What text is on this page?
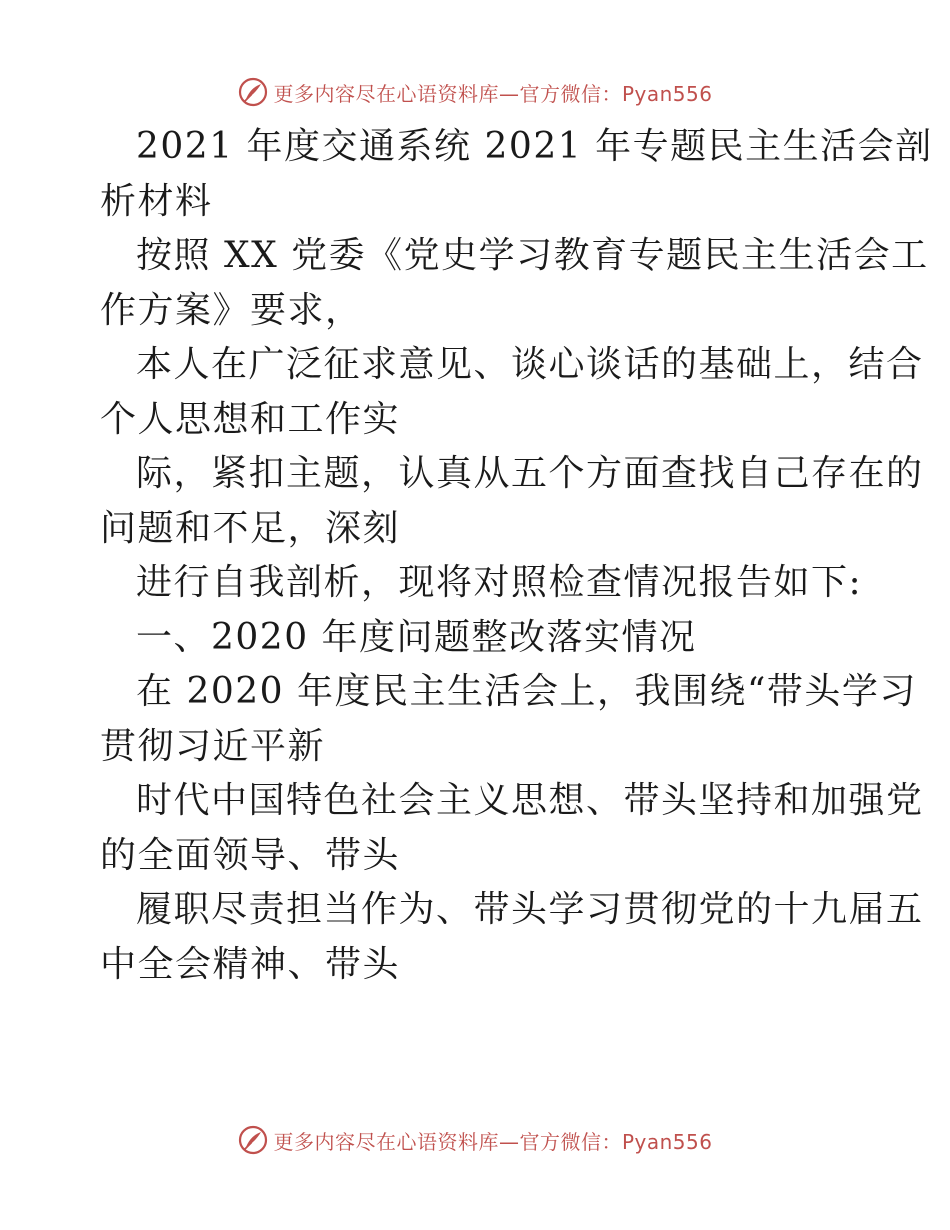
更多内容尽在心语资料库—官方微信：Pyan556

2021 年度交通系统 2021 年专题民主生活会剖
析材料

按照 XX 党委《党史学习教育专题民主生活会工
作方案》要求，

本人在广泛征求意见、谈心谈话的基础上，结合
个人思想和工作实

际，紧扣主题，认真从五个方面查找自己存在的
问题和不足，深刻

进行自我剖析，现将对照检查情况报告如下:

一、2020 年度问题整改落实情况

在 2020 年度民主生活会上，我围绕“带头学习
贯彻习近平新

时代中国特色社会主义思想、带头坚持和加强党
的全面领导、带头

履职尽责担当作为、带头学习贯彻党的十九届五
中全会精神、带头

更多内容尽在心语资料库—官方微信：Pyan556
